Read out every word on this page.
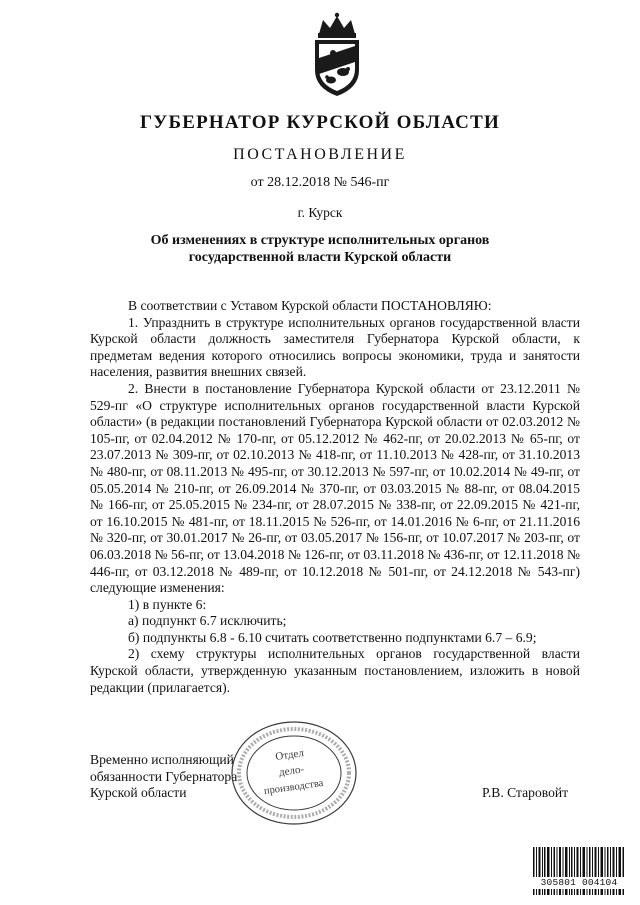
ГУБЕРНАТОР КУРСКОЙ ОБЛАСТИ
ПОСТАНОВЛЕНИЕ
от 28.12.2018 № 546-пг
г. Курск
Об изменениях в структуре исполнительных органов
государственной власти Курской области

В соответствии с Уставом Курской области ПОСТАНОВЛЯЮ:

1. Упразднить в структуре исполнительных органов государственной власти Курской области должность заместителя Губернатора Курской области, к предметам ведения которого относились вопросы экономики, труда и занятости населения, развития внешних связей.

2. Внести в постановление Губернатора Курской области от 23.12.2011 № 529-пг «О структуре исполнительных органов государственной власти Курской области» (в редакции постановлений Губернатора Курской области от 02.03.2012 № 105-пг, от 02.04.2012 № 170-пг, от 05.12.2012 № 462-пг, от 20.02.2013 № 65-пг, от 23.07.2013 № 309-пг, от 02.10.2013 № 418-пг, от 11.10.2013 № 428-пг, от 31.10.2013 № 480-пг, от 08.11.2013 № 495-пг, от 30.12.2013 № 597-пг, от 10.02.2014 № 49-пг, от 05.05.2014 № 210-пг, от 26.09.2014 № 370-пг, от 03.03.2015 № 88-пг, от 08.04.2015 № 166-пг, от 25.05.2015 № 234-пг, от 28.07.2015 № 338-пг, от 22.09.2015 № 421-пг, от 16.10.2015 № 481-пг, от 18.11.2015 № 526-пг, от 14.01.2016 № 6-пг, от 21.11.2016 № 320-пг, от 30.01.2017 № 26-пг, от 03.05.2017 № 156-пг, от 10.07.2017 № 203-пг, от 06.03.2018 № 56-пг, от 13.04.2018 № 126-пг, от 03.11.2018 № 436-пг, от 12.11.2018 № 446-пг, от 03.12.2018 № 489-пг, от 10.12.2018 № 501-пг, от 24.12.2018 № 543-пг) следующие изменения:

1) в пункте 6:

а) подпункт 6.7 исключить;

б) подпункты 6.8 - 6.10 считать соответственно подпунктами 6.7 – 6.9;

2) схему структуры исполнительных органов государственной власти Курской области, утвержденную указанным постановлением, изложить в новой редакции (прилагается).

Временно исполняющий
обязанности Губернатора
Курской области	Р.В. Старовойт
Отдел
дело-
производства
305801 004104
